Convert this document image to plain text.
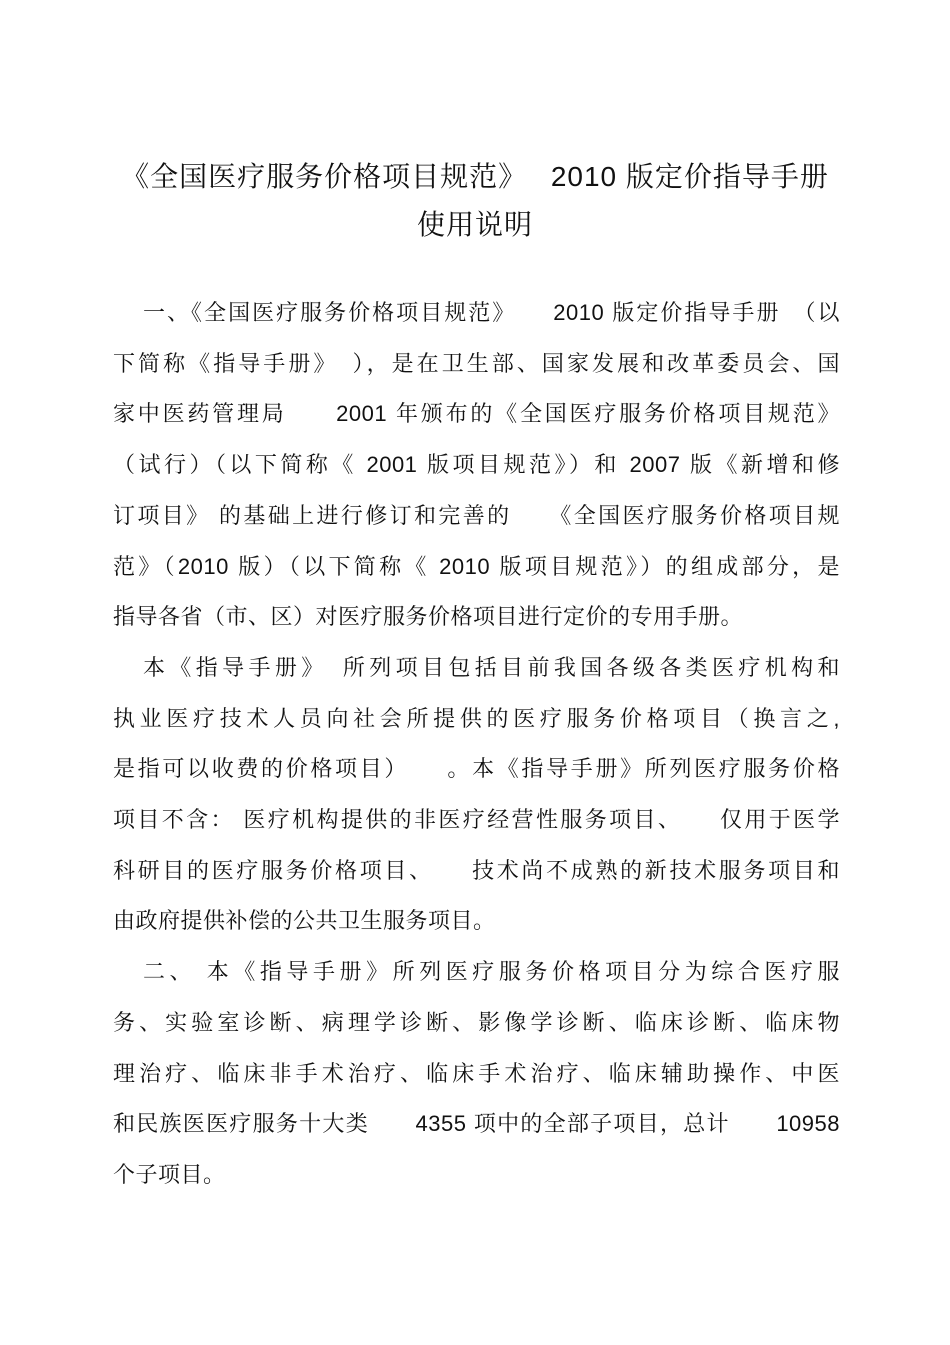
《全国医疗服务价格项目规范》　 2010 版定价指导手册
使用说明
一、《全国医疗服务价格项目规范》　　2010 版定价指导手册　（以
下简称《指导手册》　），是在卫生部、国家发展和改革委员会、国
家中医药管理局　　2001 年颁布的《全国医疗服务价格项目规范》
（试行）（以下简称《 2001 版项目规范》）和 2007 版《新增和修
订项目》 的基础上进行修订和完善的　　《全国医疗服务价格项目规
范》（2010 版）（以下简称《 2010 版项目规范》）的组成部分，是
指导各省（市、区）对医疗服务价格项目进行定价的专用手册。
本《指导手册》　所列项目包括目前我国各级各类医疗机构和
执业医疗技术人员向社会所提供的医疗服务价格项目（换言之,
是指可以收费的价格项目）　　。本《指导手册》所列医疗服务价格
项目不含： 医疗机构提供的非医疗经营性服务项目、　　仅用于医学
科研目的医疗服务价格项目、　　技术尚不成熟的新技术服务项目和
由政府提供补偿的公共卫生服务项目。
二、 本《指导手册》所列医疗服务价格项目分为综合医疗服
务、实验室诊断、病理学诊断、影像学诊断、临床诊断、临床物
理治疗、临床非手术治疗、临床手术治疗、临床辅助操作、中医
和民族医医疗服务十大类　　4355 项中的全部子项目，总计　　10958
个子项目。
